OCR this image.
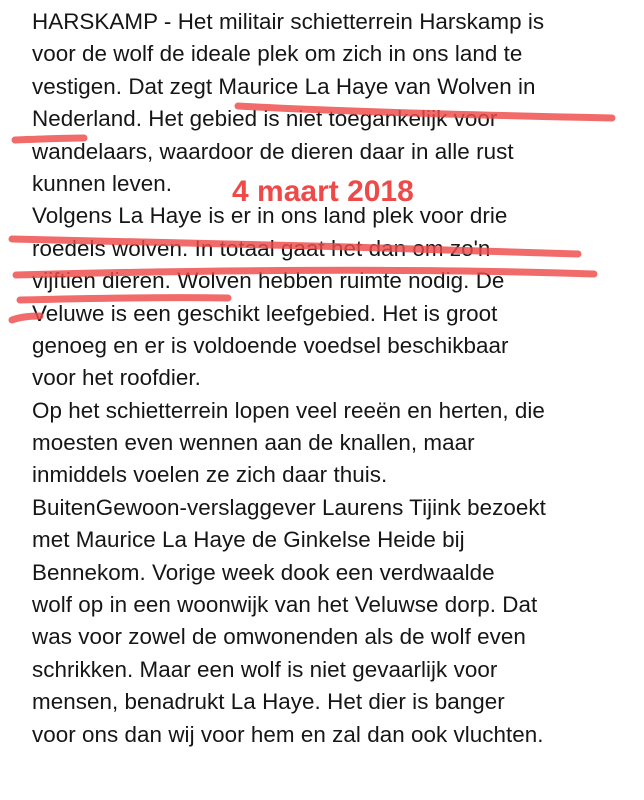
HARSKAMP - Het militair schietterrein Harskamp is
voor de wolf de ideale plek om zich in ons land te
vestigen. Dat zegt Maurice La Haye van Wolven in
Nederland. Het gebied is niet toegankelijk voor
wandelaars, waardoor de dieren daar in alle rust
kunnen leven.
Volgens La Haye is er in ons land plek voor drie
roedels wolven. In totaal gaat het dan om zo'n
vijftien dieren. Wolven hebben ruimte nodig. De
Veluwe is een geschikt leefgebied. Het is groot
genoeg en er is voldoende voedsel beschikbaar
voor het roofdier.
Op het schietterrein lopen veel reeën en herten, die
moesten even wennen aan de knallen, maar
inmiddels voelen ze zich daar thuis.
BuitenGewoon-verslaggever Laurens Tijink bezoekt
met Maurice La Haye de Ginkelse Heide bij
Bennekom. Vorige week dook een verdwaalde
wolf op in een woonwijk van het Veluwse dorp. Dat
was voor zowel de omwonenden als de wolf even
schrikken. Maar een wolf is niet gevaarlijk voor
mensen, benadrukt La Haye. Het dier is banger
voor ons dan wij voor hem en zal dan ook vluchten.
4 maart 2018
